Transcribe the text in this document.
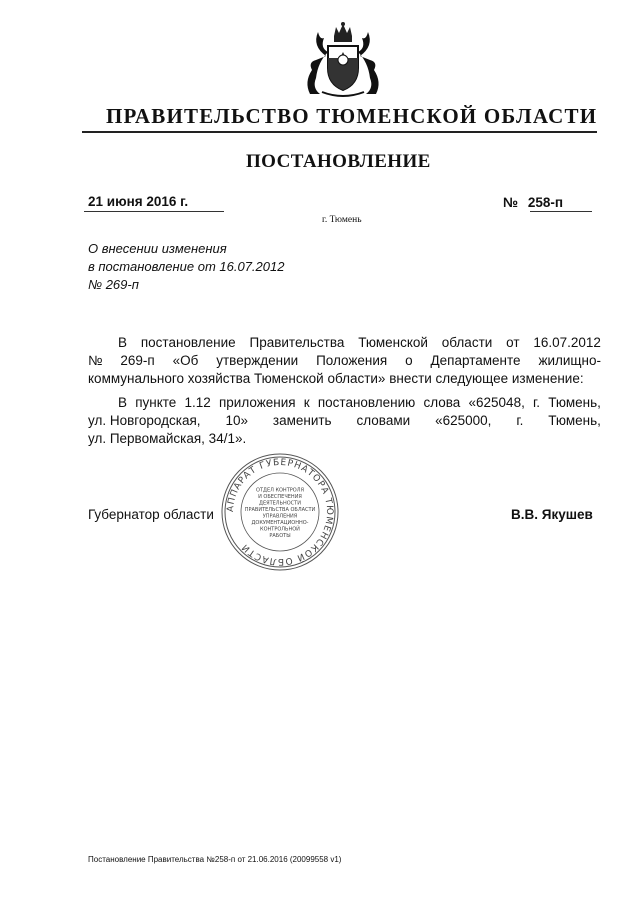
ПРАВИТЕЛЬСТВО ТЮМЕНСКОЙ ОБЛАСТИ
ПОСТАНОВЛЕНИЕ
21 июня 2016 г.	№ 258-п
г. Тюмень
О внесении изменения
в постановление от 16.07.2012
№ 269-п
В постановление Правительства Тюменской области от 16.07.2012
№ 269-п «Об утверждении Положения о Департаменте жилищно-
коммунального хозяйства Тюменской области» внести следующее изменение:
В пункте 1.12 приложения к постановлению слова «625048, г. Тюмень,
ул. Новгородская, 10» заменить словами «625000, г. Тюмень,
ул. Первомайская, 34/1».
Губернатор области	В.В. Якушев
АППАРАТ ГУБЕРНАТОРА ТЮМЕНСКОЙ ОБЛАСТИ
ОТДЕЛ КОНТРОЛЯ
И ОБЕСПЕЧЕНИЯ
ДЕЯТЕЛЬНОСТИ
ПРАВИТЕЛЬСТВА ОБЛАСТИ
УПРАВЛЕНИЯ
ДОКУМЕНТАЦИОННО-
КОНТРОЛЬНОЙ
РАБОТЫ
Постановление Правительства №258-п от 21.06.2016 (20099558 v1)
